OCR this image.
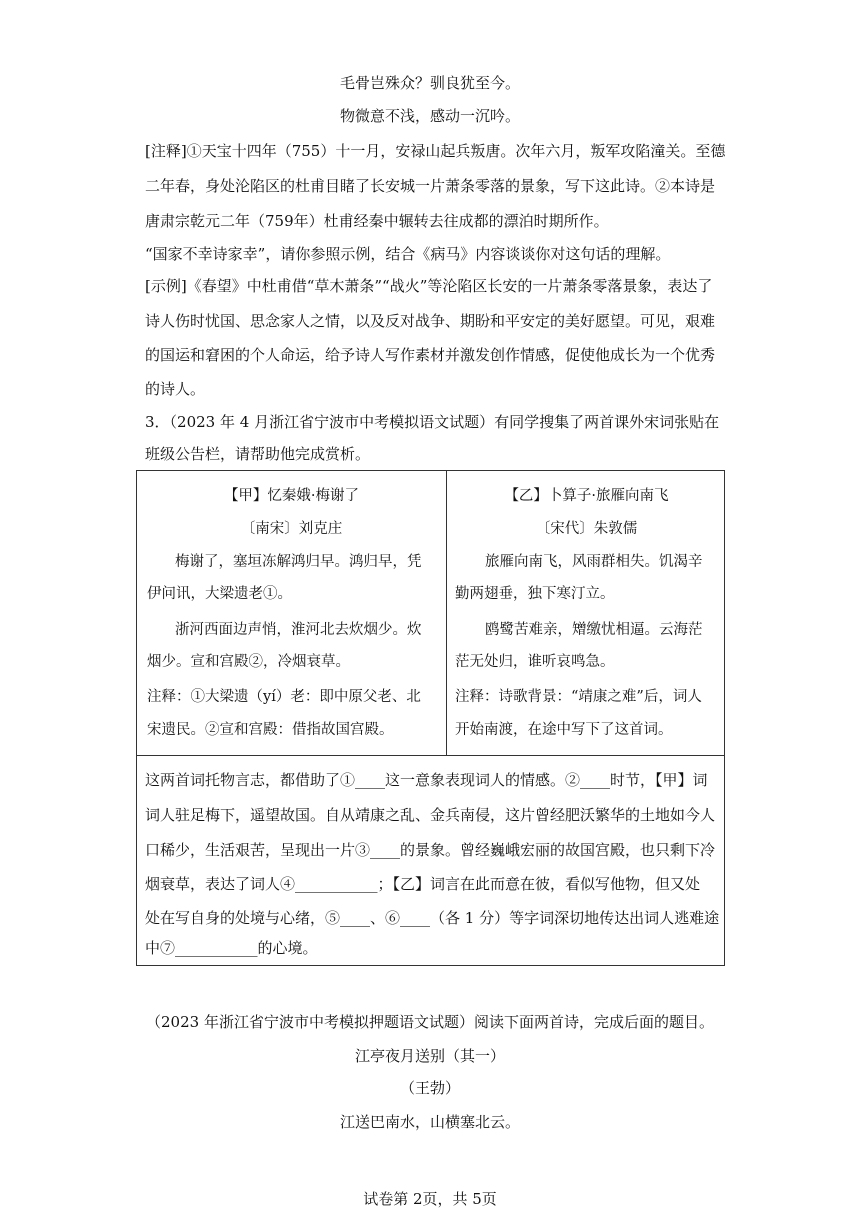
毛骨岂殊众？驯良犹至今。
物微意不浅，感动一沉吟。
[注释]①天宝十四年（755）十一月，安禄山起兵叛唐。次年六月，叛军攻陷潼关。至德
二年春，身处沦陷区的杜甫目睹了长安城一片萧条零落的景象，写下这此诗。②本诗是
唐肃宗乾元二年（759年）杜甫经秦中辗转去往成都的漂泊时期所作。
“国家不幸诗家幸”，请你参照示例，结合《病马》内容谈谈你对这句话的理解。
[示例]《春望》中杜甫借“草木萧条”“战火”等沦陷区长安的一片萧条零落景象，表达了
诗人伤时忧国、思念家人之情，以及反对战争、期盼和平安定的美好愿望。可见，艰难
的国运和窘困的个人命运，给予诗人写作素材并激发创作情感，促使他成长为一个优秀
的诗人。
3．（2023 年 4 月浙江省宁波市中考模拟语文试题）有同学搜集了两首课外宋词张贴在
班级公告栏，请帮助他完成赏析。
【甲】忆秦娥·梅谢了
〔南宋〕刘克庄
梅谢了，塞垣冻解鸿归早。鸿归早，凭
伊问讯，大梁遗老①。
浙河西面边声悄，淮河北去炊烟少。炊
烟少。宣和宫殿②，冷烟衰草。
注释：①大梁遗（yí）老：即中原父老、北
宋遗民。②宣和宫殿：借指故国宫殿。
【乙】卜算子·旅雁向南飞
〔宋代〕朱敦儒
旅雁向南飞，风雨群相失。饥渴辛
勤两翅垂，独下寒汀立。
鸥鹭苦难亲，矰缴忧相逼。云海茫
茫无处归，谁听哀鸣急。
注释：诗歌背景：“靖康之难”后，词人
开始南渡，在途中写下了这首词。
这两首词托物言志，都借助了①____这一意象表现词人的情感。②____时节，【甲】词
词人驻足梅下，遥望故国。自从靖康之乱、金兵南侵，这片曾经肥沃繁华的土地如今人
口稀少，生活艰苦，呈现出一片③____的景象。曾经巍峨宏丽的故国宫殿，也只剩下冷
烟衰草，表达了词人④___________；【乙】词言在此而意在彼，看似写他物，但又处
处在写自身的处境与心绪，⑤____、⑥____（各 1 分）等字词深切地传达出词人逃难途
中⑦___________的心境。
（2023 年浙江省宁波市中考模拟押题语文试题）阅读下面两首诗，完成后面的题目。
江亭夜月送别（其一）
（王勃）
江送巴南水，山横塞北云。
试卷第 2页，共 5页
